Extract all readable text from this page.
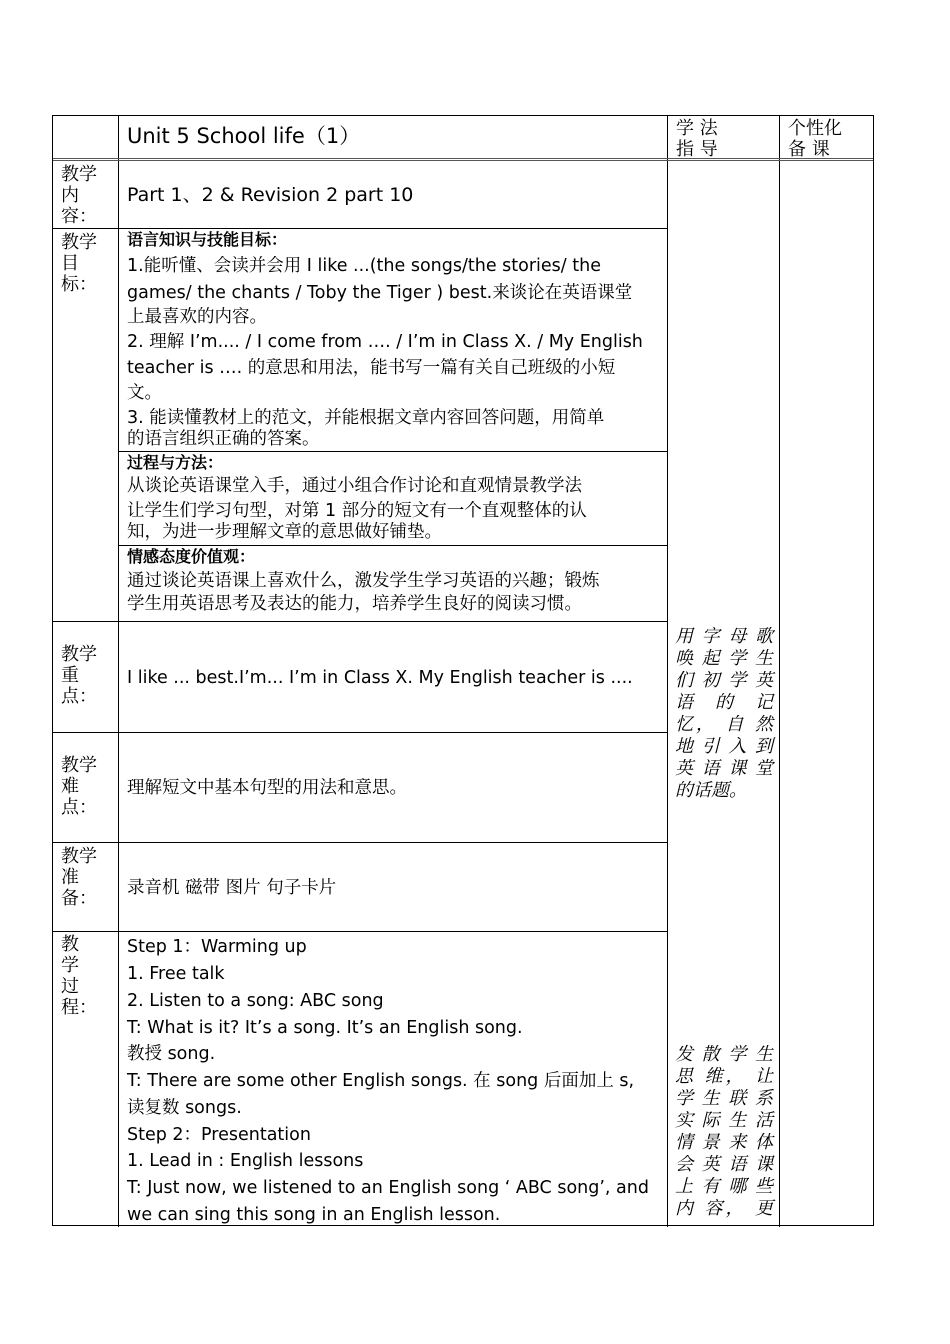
Unit 5 School life（1）	学 法
指 导
个性化
备 课
教学
内
容：
Part 1、2 & Revision 2 part 10
教学
目
标：
语言知识与技能目标：
1.能听懂、会读并会用 I like ...(the songs/the stories/ the
games/ the chants / Toby the Tiger ) best.来谈论在英语课堂
上最喜欢的内容。
2. 理解 I’m.... / I come from …. / I’m in Class X. / My English
teacher is …. 的意思和用法，能书写一篇有关自己班级的小短
文。
3. 能读懂教材上的范文，并能根据文章内容回答问题，用简单
的语言组织正确的答案。
过程与方法：
从谈论英语课堂入手，通过小组合作讨论和直观情景教学法
让学生们学习句型，对第 1 部分的短文有一个直观整体的认
知，为进一步理解文章的意思做好铺垫。
情感态度价值观：
通过谈论英语课上喜欢什么，激发学生学习英语的兴趣；锻炼
学生用英语思考及表达的能力，培养学生良好的阅读习惯。
教学
重
点：
I like ... best.I’m... I’m in Class X. My English teacher is ....
教学
难
点：
理解短文中基本句型的用法和意思。
教学
准
备：	录音机 磁带 图片 句子卡片
教
学
过
程：
Step 1：Warming up
1. Free talk
2. Listen to a song: ABC song
T: What is it? It’s a song. It’s an English song.
教授 song.
T: There are some other English songs. 在 song 后面加上 s,
读复数 songs.
Step 2：Presentation
1. Lead in : English lessons
T: Just now, we listened to an English song ‘ ABC song’, and
we can sing this song in an English lesson.
用 字 母 歌
唤 起 学 生
们 初 学 英
语 的 记
忆， 自 然
地 引 入 到
英 语 课 堂
的话题。
发 散 学 生
思 维， 让
学 生 联 系
实 际 生 活
情 景 来 体
会 英 语 课
上 有 哪 些
内 容， 更
